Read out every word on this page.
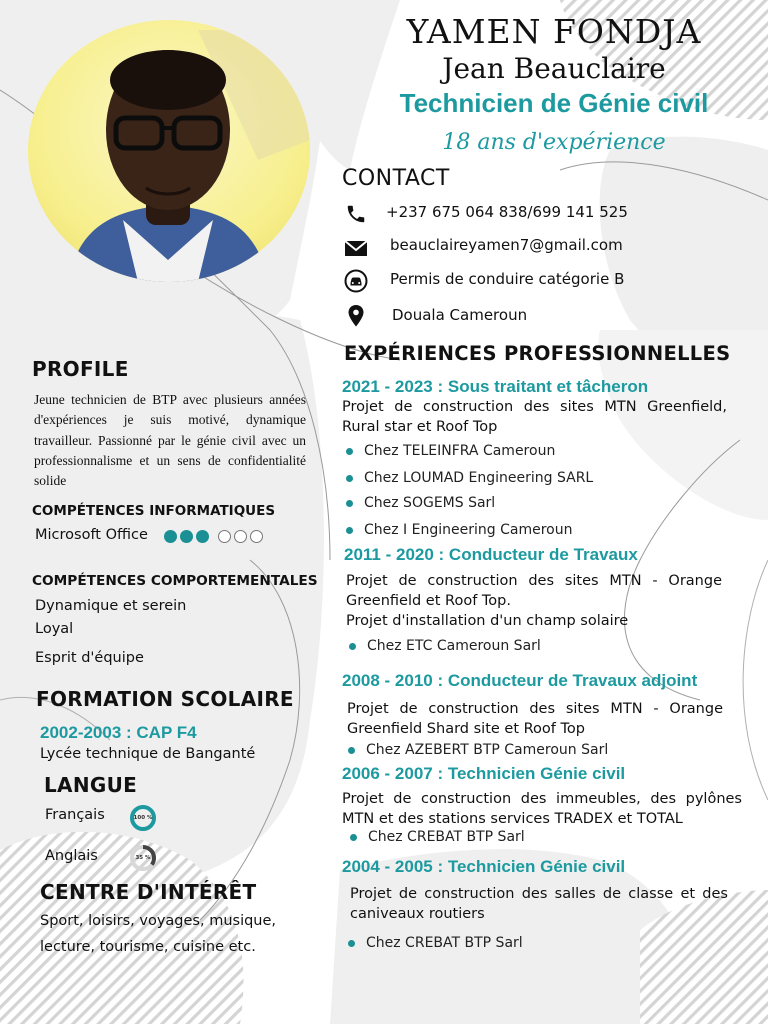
YAMEN FONDJA
Jean Beauclaire
Technicien de Génie civil
18 ans d'expérience
CONTACT
+237 675 064 838/699 141 525
beauclaireyamen7@gmail.com
Permis de conduire catégorie B
Douala Cameroun
PROFILE
Jeune technicien de BTP avec plusieurs années d'expériences je suis motivé, dynamique travailleur. Passionné par le génie civil avec un professionnalisme et un sens de confidentialité solide
COMPÉTENCES INFORMATIQUES
Microsoft Office
COMPÉTENCES COMPORTEMENTALES
Dynamique et serein
Loyal
Esprit d'équipe
FORMATION SCOLAIRE
2002-2003 : CAP F4
Lycée technique de Banganté
LANGUE
Français	100 %
Anglais	35 %
CENTRE D'INTÉRÊT
Sport, loisirs, voyages, musique,
lecture, tourisme, cuisine etc.
EXPÉRIENCES PROFESSIONNELLES
2021 - 2023 : Sous traitant et tâcheron
Projet de construction des sites MTN Greenfield, Rural star et Roof Top
Chez TELEINFRA Cameroun
Chez LOUMAD Engineering SARL
Chez SOGEMS Sarl
Chez I Engineering Cameroun
2011 - 2020 : Conducteur de Travaux
Projet de construction des sites MTN - Orange Greenfield et Roof Top.
Projet d'installation d'un champ solaire
Chez ETC Cameroun Sarl
2008 - 2010 : Conducteur de Travaux adjoint
Projet de construction des sites MTN - Orange Greenfield Shard site et Roof Top
Chez AZEBERT BTP Cameroun Sarl
2006 - 2007 : Technicien Génie civil
Projet de construction des immeubles, des pylônes MTN et des stations services TRADEX et TOTAL
Chez CREBAT BTP Sarl
2004 - 2005 : Technicien Génie civil
Projet de construction des salles de classe et des caniveaux routiers
Chez CREBAT BTP Sarl
